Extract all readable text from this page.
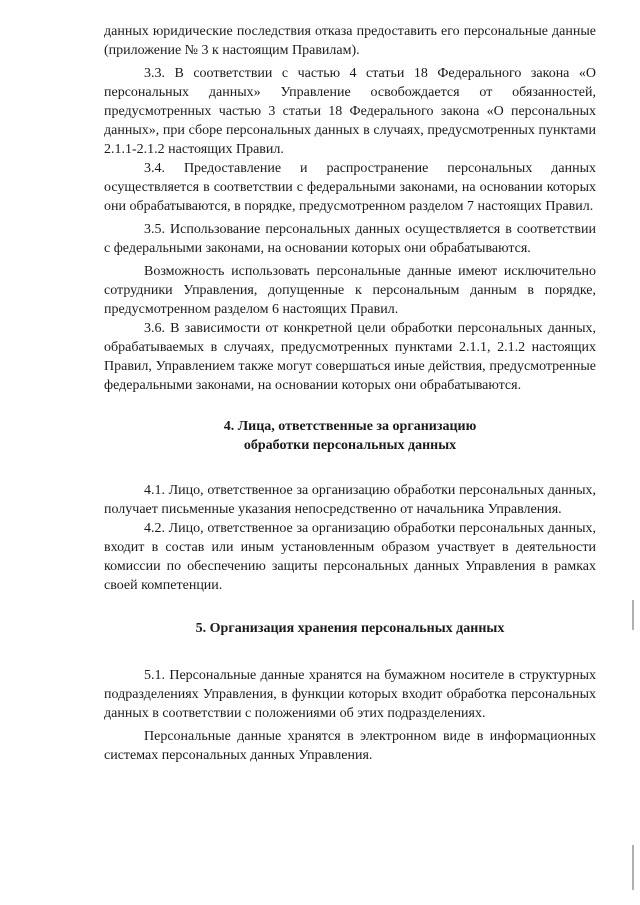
данных юридические последствия отказа предоставить его персональные данные (приложение № 3 к настоящим Правилам).

3.3. В соответствии с частью 4 статьи 18 Федерального закона «О персональных данных» Управление освобождается от обязанностей, предусмотренных частью 3 статьи 18 Федерального закона «О персональных данных», при сборе персональных данных в случаях, предусмотренных пунктами 2.1.1-2.1.2 настоящих Правил.

3.4. Предоставление и распространение персональных данных осуществляется в соответствии с федеральными законами, на основании которых они обрабатываются, в порядке, предусмотренном разделом 7 настоящих Правил.

3.5. Использование персональных данных осуществляется в соответствии с федеральными законами, на основании которых они обрабатываются.

Возможность использовать персональные данные имеют исключительно сотрудники Управления, допущенные к персональным данным в порядке, предусмотренном разделом 6 настоящих Правил.

3.6. В зависимости от конкретной цели обработки персональных данных, обрабатываемых в случаях, предусмотренных пунктами 2.1.1, 2.1.2 настоящих Правил, Управлением также могут совершаться иные действия, предусмотренные федеральными законами, на основании которых они обрабатываются.

4. Лица, ответственные за организацию
обработки персональных данных

4.1. Лицо, ответственное за организацию обработки персональных данных, получает письменные указания непосредственно от начальника Управления.

4.2. Лицо, ответственное за организацию обработки персональных данных, входит в состав или иным установленным образом участвует в деятельности комиссии по обеспечению защиты персональных данных Управления в рамках своей компетенции.

5. Организация хранения персональных данных

5.1. Персональные данные хранятся на бумажном носителе в структурных подразделениях Управления, в функции которых входит обработка персональных данных в соответствии с положениями об этих подразделениях.

Персональные данные хранятся в электронном виде в информационных системах персональных данных Управления.
